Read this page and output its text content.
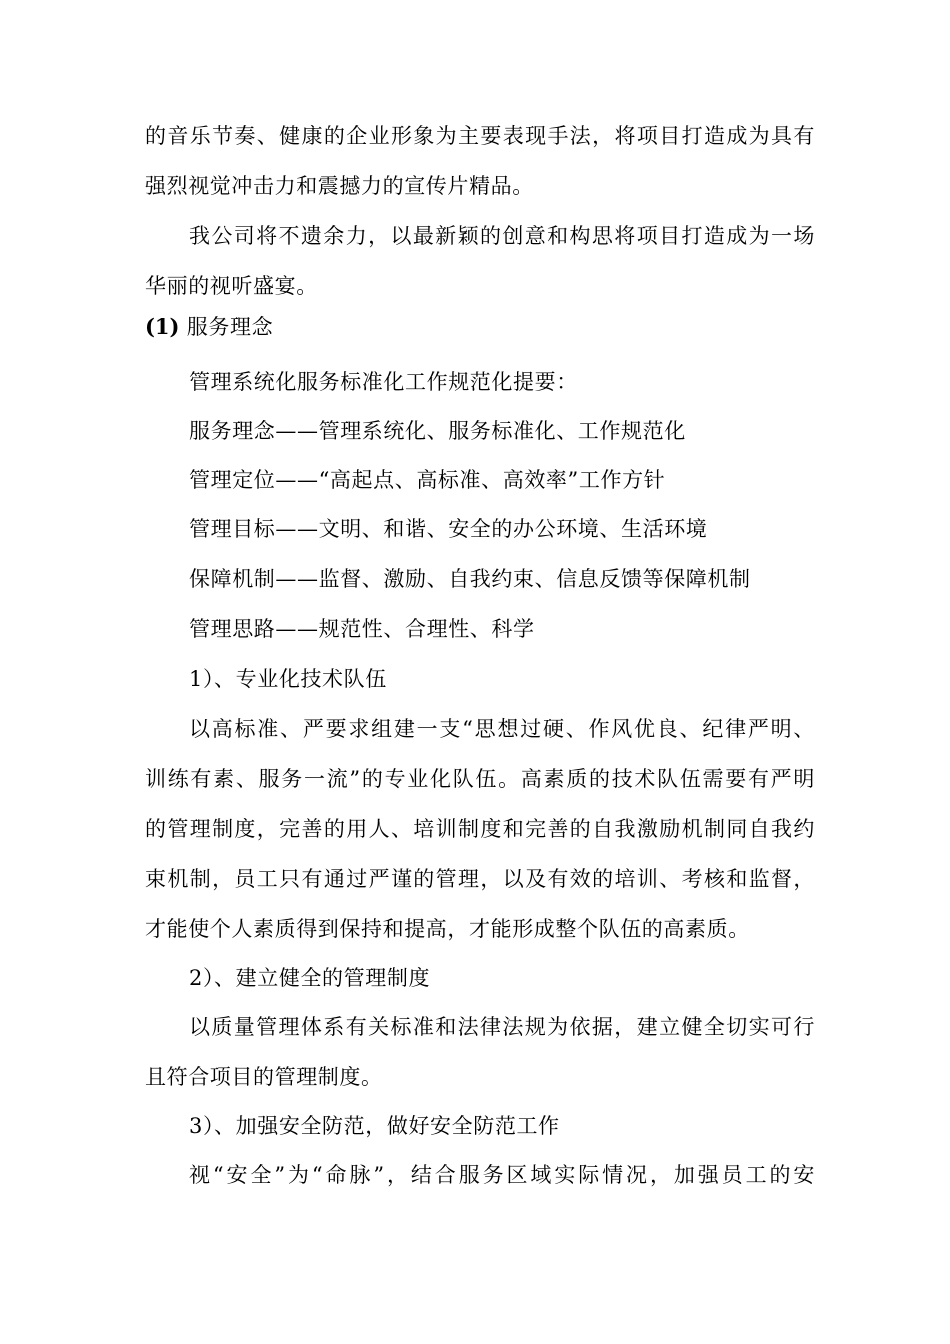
的音乐节奏、健康的企业形象为主要表现手法，将项目打造成为具有
强烈视觉冲击力和震撼力的宣传片精品。
我公司将不遗余力，以最新颖的创意和构思将项目打造成为一场
华丽的视听盛宴。
(1) 服务理念
管理系统化服务标准化工作规范化提要：
服务理念——管理系统化、服务标准化、工作规范化
管理定位——“高起点、高标准、高效率”工作方针
管理目标——文明、和谐、安全的办公环境、生活环境
保障机制——监督、激励、自我约束、信息反馈等保障机制
管理思路——规范性、合理性、科学
1）、专业化技术队伍
以高标准、严要求组建一支“思想过硬、作风优良、纪律严明、
训练有素、服务一流”的专业化队伍。高素质的技术队伍需要有严明
的管理制度，完善的用人、培训制度和完善的自我激励机制同自我约
束机制，员工只有通过严谨的管理，以及有效的培训、考核和监督，
才能使个人素质得到保持和提高，才能形成整个队伍的高素质。
2）、建立健全的管理制度
以质量管理体系有关标准和法律法规为依据，建立健全切实可行
且符合项目的管理制度。
3）、加强安全防范，做好安全防范工作
视“安全”为“命脉”，结合服务区域实际情况，加强员工的安
